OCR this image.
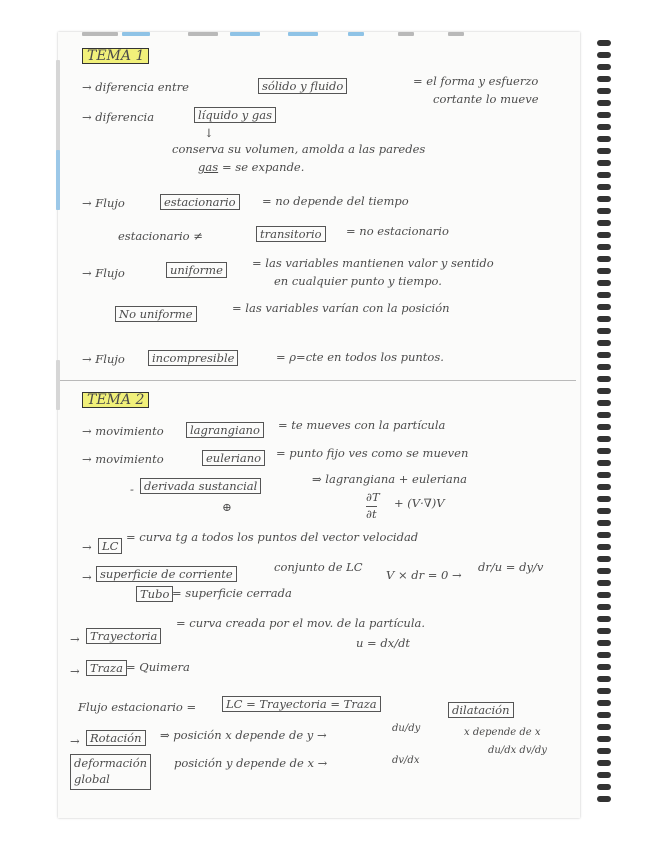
TEMA 1
→ diferencia entre	sólido y fluido	= el forma y esfuerzo
cortante lo mueve
→ diferencia	líquido y gas
↓
conserva su volumen, amolda a las paredes
gas = se expande.
→ Flujo	estacionario	= no depende del tiempo
estacionario ≠	transitorio	= no estacionario
→ Flujo	uniforme	= las variables mantienen valor y sentido
en cualquier punto y tiempo.
No uniforme	= las variables varían con la posición
→ Flujo	incompresible	= ρ=cte en todos los puntos.
TEMA 2
→ movimiento	lagrangiano	= te mueves con la partícula
→ movimiento	euleriano	= punto fijo ves como se mueven
- derivada sustancial	⇒ lagrangiana + euleriana
⊕
∂T
∂t
+ (V·∇)V
→ LC
= curva tg a todos los puntos del vector velocidad
→ superficie de corriente	conjunto de LC
V × dr = 0 →
dr/u = dy/v
Tubo = superficie cerrada
→ Trayectoria
= curva creada por el mov. de la partícula.
u = dx/dt
→ Traza = Quimera
Flujo estacionario =	LC = Trayectoria = Traza	dilatación
x depende de x
du/dx dv/dy
→ Rotación	⇒ posición x depende de y →	du/dy
deformación
global
posición y depende de x →	dv/dx
